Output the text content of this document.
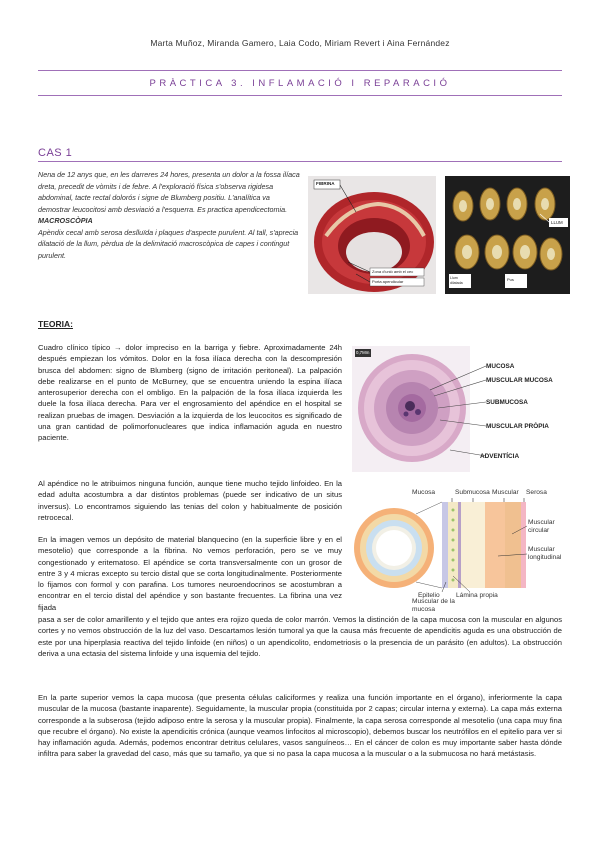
Marta Muñoz, Miranda Gamero, Laia Codo, Miriam Revert i Aina Fernández
PRÀCTICA 3. INFLAMACIÓ I REPARACIÓ
CAS 1
Nena de 12 anys que, en les darreres 24 hores, presenta un dolor a la fossa ilíaca dreta, precedit de vòmits i de febre. A l'exploració física s'observa rigidesa abdominal, tacte rectal dolorós i signe de Blumberg positiu. L'analítica va demostrar leucocitosi amb desviació a l'esquerra. Es practica apendicectomia.
MACROSCÒPIA
Apèndix cecal amb serosa deslluïda i plaques d'aspecte purulent. Al tall, s'aprecia dilatació de la llum, pèrdua de la delimitació macroscòpica de capes i contingut purulent.
FIBRINA
Zona d'unió amb el cec
Porta apendicular
LLUM
Llum dilatada
Pus
TEORIA:

Cuadro clínico típico → dolor impreciso en la barriga y fiebre. Aproximadamente 24h después empiezan los vómitos. Dolor en la fosa ilíaca derecha con la descompresión brusca del abdomen: signo de Blumberg (signo de irritación peritoneal). La palpación debe realizarse en el punto de McBurney, que se encuentra uniendo la espina ilíaca anterosuperior derecha con el ombligo. En la palpación de la fosa ilíaca izquierda les duele la fosa ilíaca derecha. Para ver el engrosamiento del apéndice en el hospital se realizan pruebas de imagen. Desviación a la izquierda de los leucocitos es significado de una gran cantidad de polimorfonucleares que indica inflamación aguda en nuestro paciente.

Al apéndice no le atribuimos ninguna función, aunque tiene mucho tejido linfoideo. En la edad adulta acostumbra a dar distintos problemas (puede ser indicativo de un situs inversus). Lo encontramos siguiendo las tenias del colon y habitualmente de posición retrocecal.

En la imagen vemos un depósito de material blanquecino (en la superficie libre y en el mesotelio) que corresponde a la fibrina. No vemos perforación, pero se ve muy congestionado y eritematoso. El apéndice se corta transversalmente con un grosor de entre 3 y 4 micras excepto su tercio distal que se corta longitudinalmente. Posteriormente lo fijamos con formol y con parafina. Los tumores neuroendocrinos se acostumbran a encontrar en el tercio distal del apéndice y son bastante frecuentes. La fibrina una vez fijada

pasa a ser de color amarillento y el tejido que antes era rojizo queda de color marrón. Vemos la distinción de la capa mucosa con la muscular en algunos cortes y no vemos obstrucción de la luz del vaso. Descartamos lesión tumoral ya que la causa más frecuente de apendicitis aguda es una obstrucción de este por una hiperplasia reactiva del tejido linfoide (en niños) o un apendicolito, endometriosis o la presencia de un parásito (en adultos). La obstrucción deriva a una ectasia del sistema linfoide y una isquemia del tejido.

En la parte superior vemos la capa mucosa (que presenta células caliciformes y realiza una función importante en el órgano), inferiormente la capa muscular de la mucosa (bastante inaparente). Seguidamente, la muscular propia (constituida por 2 capas; circular interna y externa). La capa más externa corresponde a la subserosa (tejido adiposo entre la serosa y la muscular propia). Finalmente, la capa serosa corresponde al mesotelio (una capa muy fina que recubre el órgano). No existe la apendicitis crónica (aunque veamos linfocitos al microscopio), debemos buscar los neutrófilos en el epitelio para ver si hay inflamación aguda. Además, podemos encontrar detritus celulares, vasos sanguíneos… En el cáncer de colon es muy importante saber hasta dónde infiltra para saber la gravedad del caso, más que su tamaño, ya que si no pasa la capa mucosa a la muscular o a la submucosa no hará metástasis.

0,7Mm
MUCOSA
MUSCULAR MUCOSA
SUBMUCOSA
MUSCULAR PRÒPIA
ADVENTÍCIA
Mucosa	Submucosa Muscular Serosa
Muscular circular
Muscular longitudinal
Epitelio Lámina propia
Muscular de la mucosa
